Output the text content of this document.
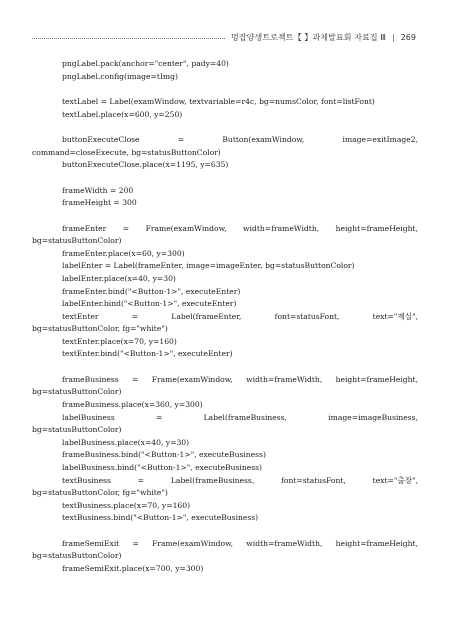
멍잡양생트로젝트【 】과제발표회 자료집 Ⅲ | 269
pngLabel.pack(anchor="center", pady=40)
pngLabel.config(image=tImg)
textLabel = Label(examWindow, textvariable=r4c, bg=numsColor, font=listFont)
textLabel.place(x=600, y=250)
buttonExecuteClose = Button(examWindow, image=exitImage2,
command=closeExecute, bg=statusButtonColor)
buttonExecuteClose.place(x=1195, y=635)
frameWidth = 200
frameHeight = 300
frameEnter = Frame(examWindow, width=frameWidth, height=frameHeight,
bg=statusButtonColor)
frameEnter.place(x=60, y=300)
labelEnter = Label(frameEnter, image=imageEnter, bg=statusButtonColor)
labelEnter.place(x=40, y=30)
frameEnter.bind("<Button-1>", executeEnter)
labelEnter.bind("<Button-1>", executeEnter)
textEnter = Label(frameEnter, font=statusFont, text="재실",
bg=statusButtonColor, fg="white")
textEnter.place(x=70, y=160)
textEnter.bind("<Button-1>", executeEnter)
frameBusiness = Frame(examWindow, width=frameWidth, height=frameHeight,
bg=statusButtonColor)
frameBusiness.place(x=360, y=300)
labelBusiness = Label(frameBusiness, image=imageBusiness,
bg=statusButtonColor)
labelBusiness.place(x=40, y=30)
frameBusiness.bind("<Button-1>", executeBusiness)
labelBusiness.bind("<Button-1>", executeBusiness)
textBusiness = Label(frameBusiness, font=statusFont, text="출장",
bg=statusButtonColor, fg="white")
textBusiness.place(x=70, y=160)
textBusiness.bind("<Button-1>", executeBusiness)
frameSemiExit = Frame(examWindow, width=frameWidth, height=frameHeight,
bg=statusButtonColor)
frameSemiExit.place(x=700, y=300)
